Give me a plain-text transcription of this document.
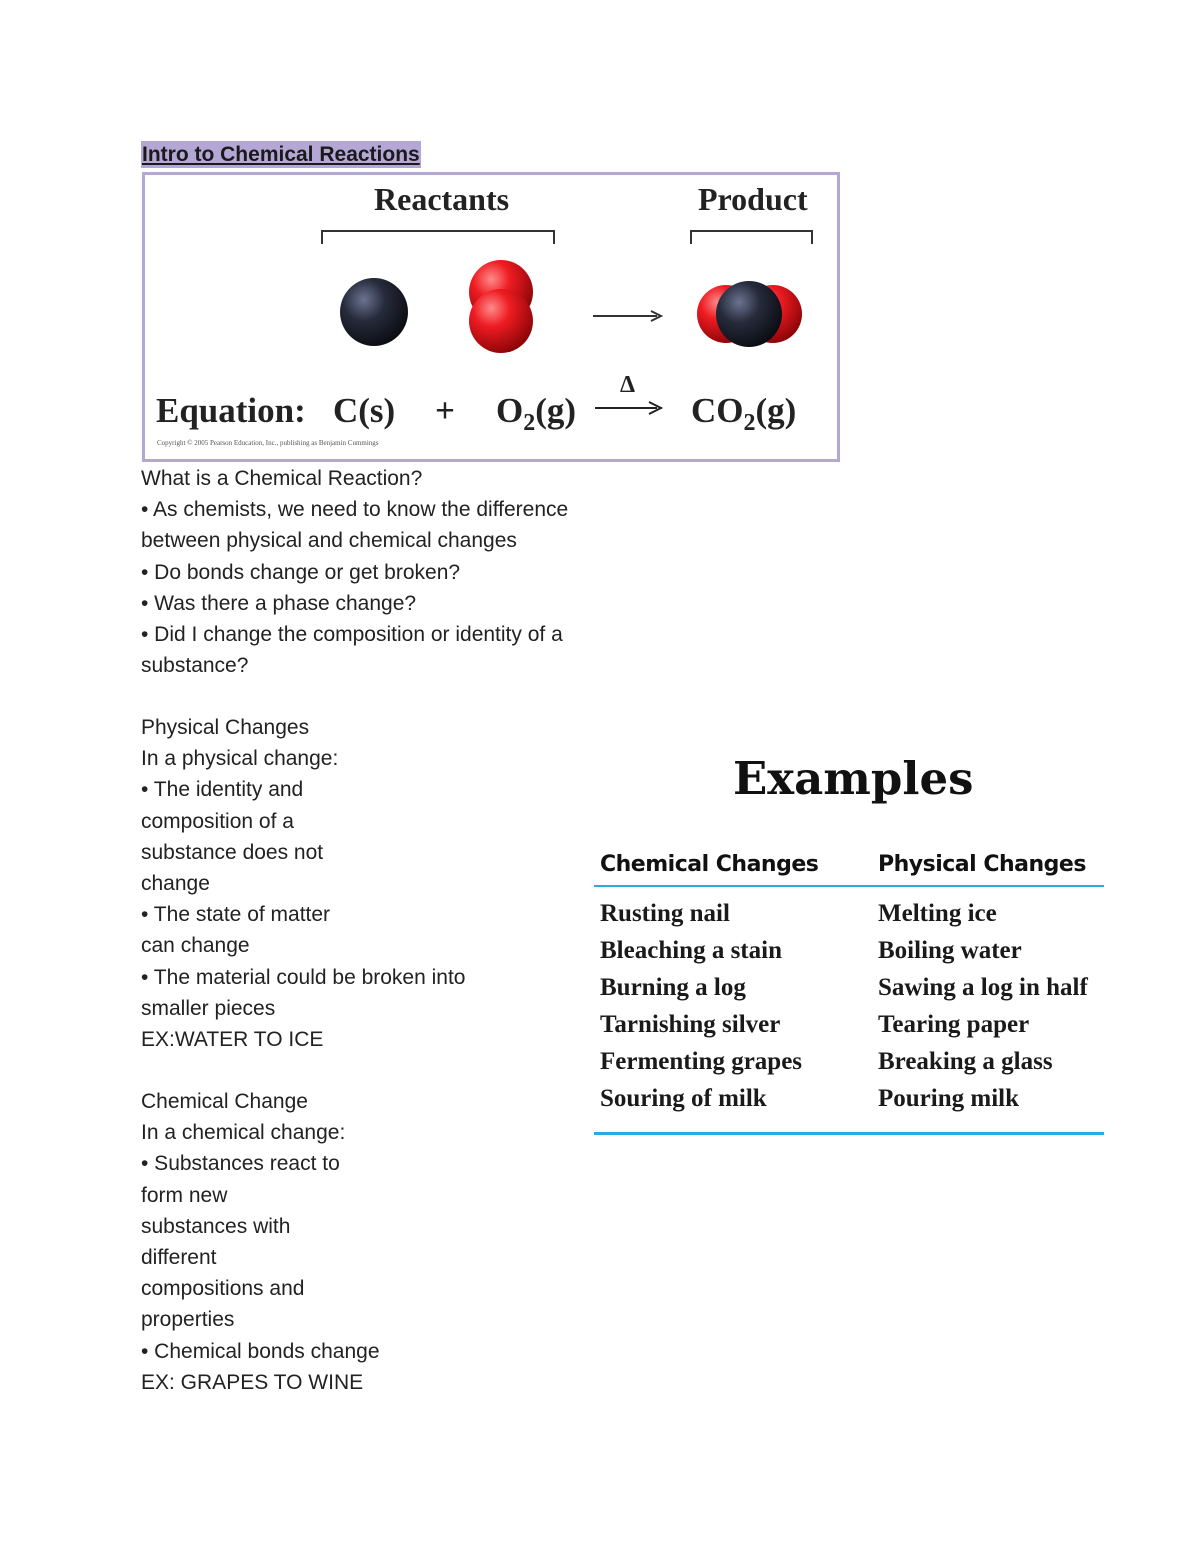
Intro to Chemical Reactions
Reactants	Product
Equation: $C(s) + O_2(g)$
Δ
$CO_2(g)$
Copyright © 2005 Pearson Education, Inc., publishing as Benjamin Cummings
What is a Chemical Reaction?
• As chemists, we need to know the difference
between physical and chemical changes
• Do bonds change or get broken?
• Was there a phase change?
• Did I change the composition or identity of a
substance?
Physical Changes
In a physical change:
• The identity and
composition of a
substance does not
change
• The state of matter
can change
• The material could be broken into
smaller pieces
EX:WATER TO ICE
Chemical Change
In a chemical change:
• Substances react to
form new
substances with
different
compositions and
properties
• Chemical bonds change
EX: GRAPES TO WINE
Examples
Chemical Changes	Physical Changes
Rusting nail
Bleaching a stain
Burning a log
Tarnishing silver
Fermenting grapes
Souring of milk
Melting ice
Boiling water
Sawing a log in half
Tearing paper
Breaking a glass
Pouring milk
